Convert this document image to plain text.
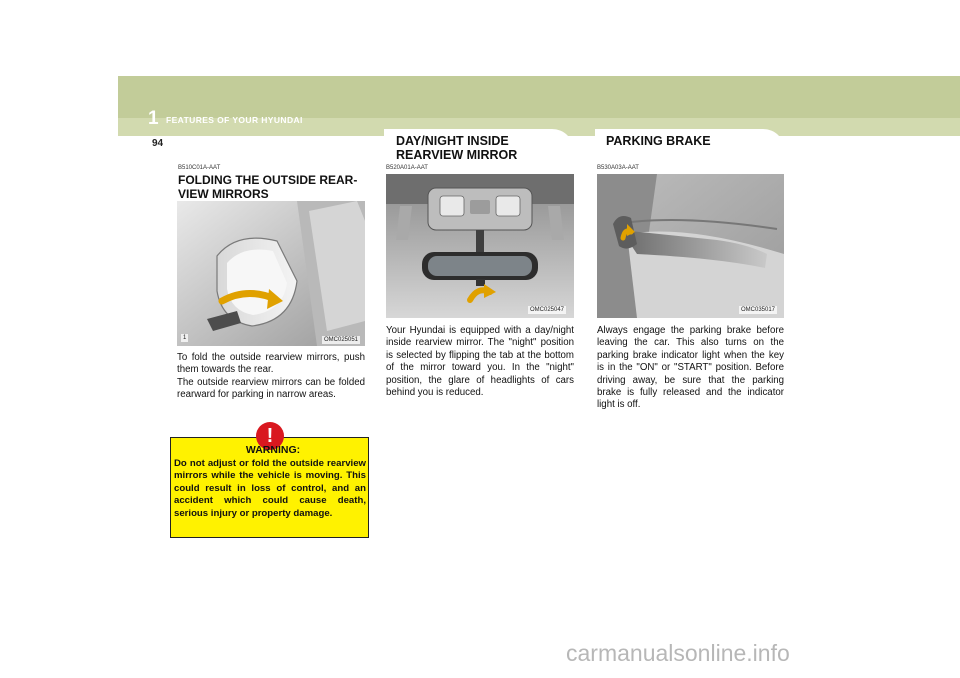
1 FEATURES OF YOUR HYUNDAI
94	DAY/NIGHT INSIDE REARVIEW MIRROR
PARKING BRAKE
B510C01A-AAT
FOLDING THE OUTSIDE REAR-VIEW MIRRORS
1	OMC025051
To fold the outside rearview mirrors, push them towards the rear.
The outside rearview mirrors can be folded rearward for parking in narrow areas.
!
WARNING:
Do not adjust or fold the outside rearview mirrors while the vehicle is moving. This could result in loss of control, and an accident which could cause death, serious injury or property damage.
B520A01A-AAT
OMC025047
Your Hyundai is equipped with a day/night inside rearview mirror. The "night" position is selected by flipping the tab at the bottom of the mirror toward you. In the "night" position, the glare of headlights of cars behind you is reduced.
B530A03A-AAT
OMC035017
Always engage the parking brake before leaving the car. This also turns on the parking brake indicator light when the key is in the "ON" or "START" position. Before driving away, be sure that the parking brake is fully released and the indicator light is off.
carmanualsonline.info
